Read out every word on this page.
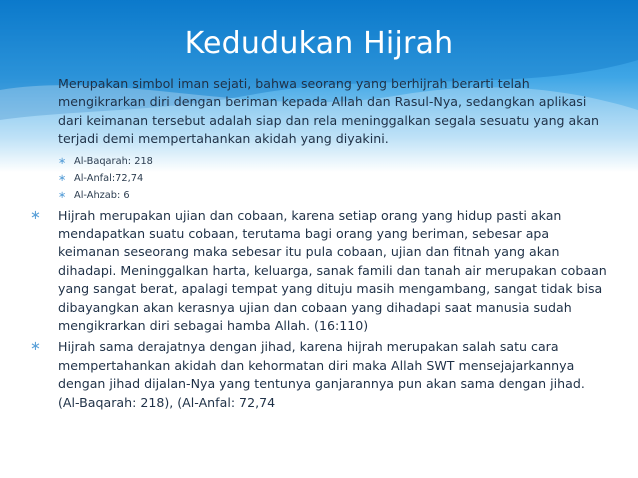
Kedudukan Hijrah

Merupakan simbol iman sejati, bahwa seorang yang berhijrah berarti telah mengikrarkan diri dengan beriman kepada Allah dan Rasul-Nya, sedangkan aplikasi dari keimanan tersebut adalah siap dan rela meninggalkan segala sesuatu yang akan terjadi demi mempertahankan akidah yang diyakini.

∗ Al-Baqarah: 218
∗ Al-Anfal:72,74
∗ Al-Ahzab: 6
∗ Hijrah merupakan ujian dan cobaan, karena setiap orang yang hidup pasti akan mendapatkan suatu cobaan, terutama bagi orang yang beriman, sebesar apa keimanan seseorang maka sebesar itu pula cobaan, ujian dan fitnah yang akan dihadapi. Meninggalkan harta, keluarga, sanak famili dan tanah air merupakan cobaan yang sangat berat, apalagi tempat yang dituju masih mengambang, sangat tidak bisa dibayangkan akan kerasnya ujian dan cobaan yang dihadapi saat manusia sudah mengikrarkan diri sebagai hamba Allah. (16:110)
∗ Hijrah sama derajatnya dengan jihad, karena hijrah merupakan salah satu cara mempertahankan akidah dan kehormatan diri maka Allah SWT mensejajarkannya dengan jihad dijalan-Nya yang tentunya ganjarannya pun akan sama dengan jihad. (Al-Baqarah: 218), (Al-Anfal: 72,74
